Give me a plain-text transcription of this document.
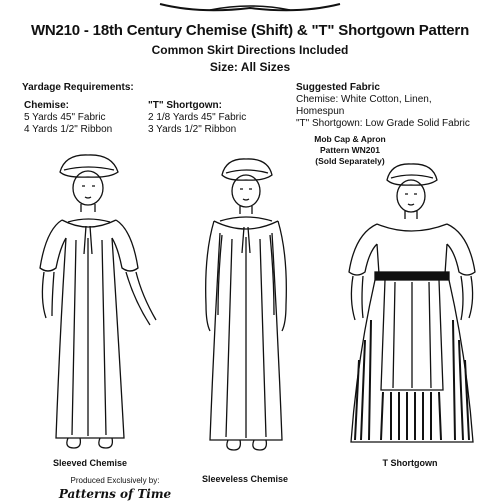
WN210 - 18th Century Chemise (Shift) & "T" Shortgown Pattern
Common Skirt Directions Included
Size: All Sizes
Yardage Requirements:
Chemise:
5 Yards 45" Fabric
4 Yards 1/2" Ribbon
"T" Shortgown:
2 1/8 Yards 45" Fabric
3 Yards 1/2" Ribbon
Suggested Fabric
Chemise: White Cotton, Linen,
Homespun
"T" Shortgown: Low Grade Solid Fabric
Mob Cap & Apron
Pattern WN201
(Sold Separately)
Sleeved Chemise
Sleeveless Chemise
T Shortgown
Produced Exclusively by:
Patterns of Time
